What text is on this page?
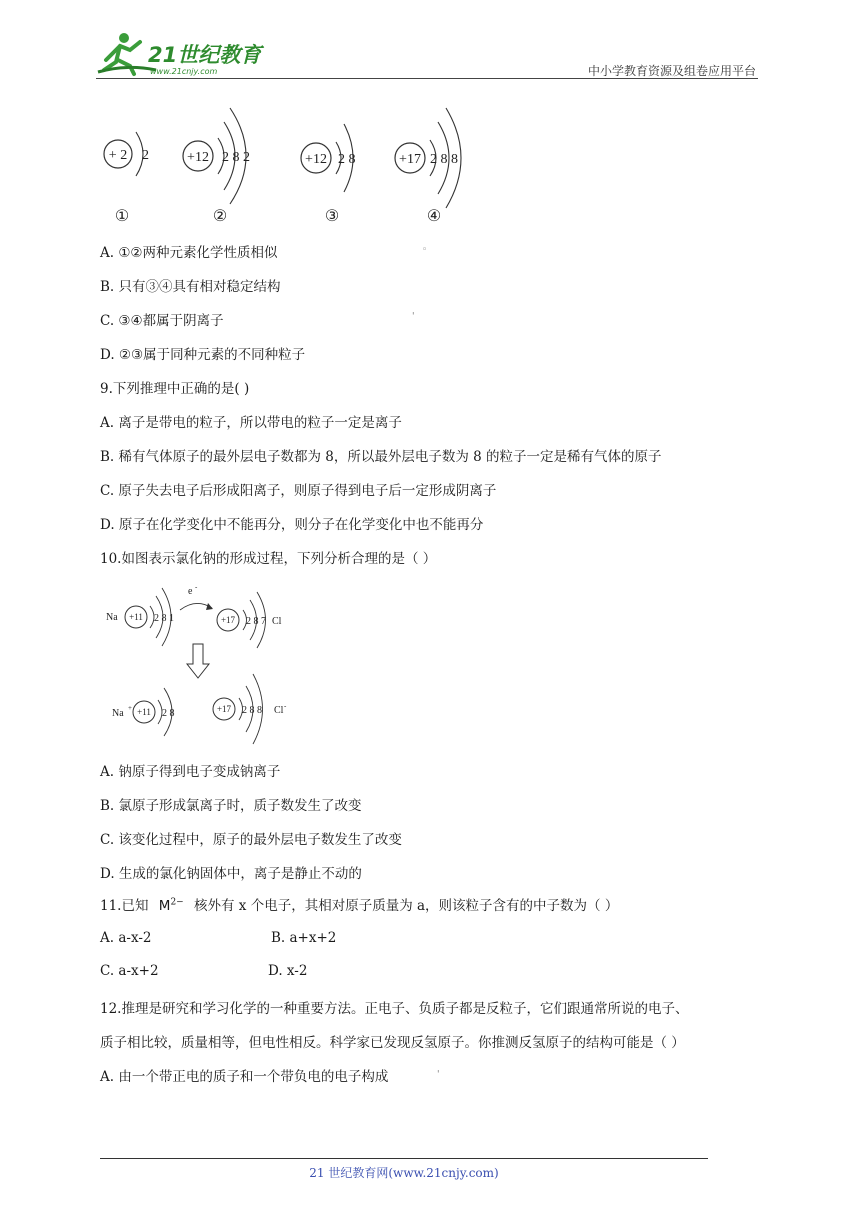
21世纪教育
www.21cnjy.com	中小学教育资源及组卷应用平台
+ 2 2
①
+12 2 8 2
②
+12 2 8
③
+17 2 8 8
④
A. ①②两种元素化学性质相似	◦
B. 只有③④具有相对稳定结构
C. ③④都属于阴离子	'
D. ②③属于同种元素的不同种粒子
9.下列推理中正确的是( )
A. 离子是带电的粒子，所以带电的粒子一定是离子
B. 稀有气体原子的最外层电子数都为 8，所以最外层电子数为 8 的粒子一定是稀有气体的原子
C. 原子失去电子后形成阳离子，则原子得到电子后一定形成阴离子
D. 原子在化学变化中不能再分，则分子在化学变化中也不能再分
10.如图表示氯化钠的形成过程，下列分析合理的是（ ）
Na +11 2 8 1
e -
+17 2 8 7 Cl
Na + +11 2 8	+17 2 8 8 Cl -
A. 钠原子得到电子变成钠离子
B. 氯原子形成氯离子时，质子数发生了改变
C. 该变化过程中，原子的最外层电子数发生了改变
D. 生成的氯化钠固体中，离子是静止不动的
11.已知 $M^{2-}$ 核外有 x 个电子，其相对原子质量为 a，则该粒子含有的中子数为（ ）
A. a-x-2	B. a+x+2
C. a-x+2	D. x-2
12.推理是研究和学习化学的一种重要方法。正电子、负质子都是反粒子，它们跟通常所说的电子、
质子相比较，质量相等，但电性相反。科学家已发现反氢原子。你推测反氢原子的结构可能是（ ）
A. 由一个带正电的质子和一个带负电的电子构成	'
21 世纪教育网(www.21cnjy.com)
